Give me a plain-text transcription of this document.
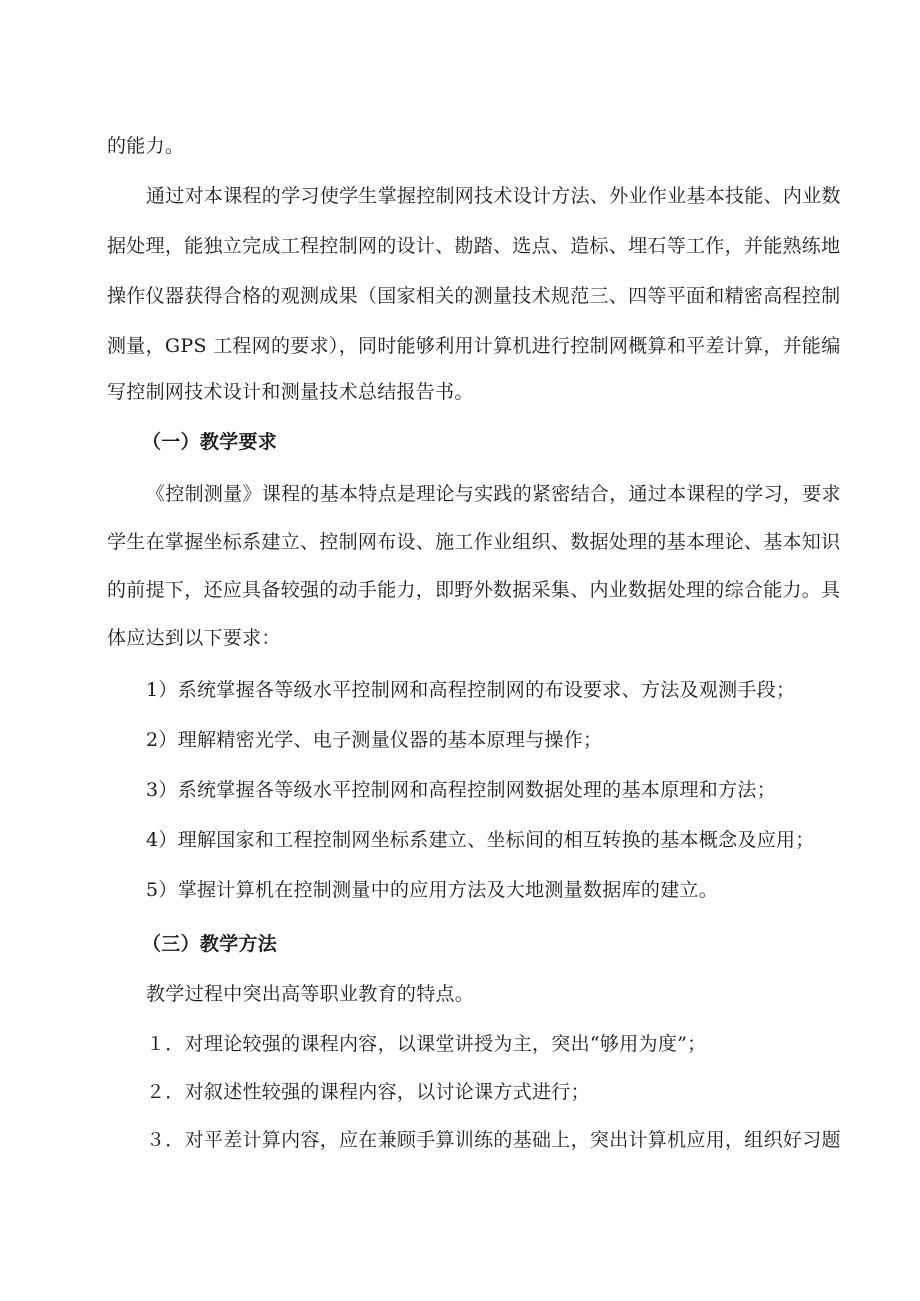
的能力。
通过对本课程的学习使学生掌握控制网技术设计方法、外业作业基本技能、内业数
据处理，能独立完成工程控制网的设计、勘踏、选点、造标、埋石等工作，并能熟练地
操作仪器获得合格的观测成果（国家相关的测量技术规范三、四等平面和精密高程控制
测量，GPS 工程网的要求），同时能够利用计算机进行控制网概算和平差计算，并能编
写控制网技术设计和测量技术总结报告书。
（一）教学要求
《控制测量》课程的基本特点是理论与实践的紧密结合，通过本课程的学习，要求
学生在掌握坐标系建立、控制网布设、施工作业组织、数据处理的基本理论、基本知识
的前提下，还应具备较强的动手能力，即野外数据采集、内业数据处理的综合能力。具
体应达到以下要求：
1）系统掌握各等级水平控制网和高程控制网的布设要求、方法及观测手段；
2）理解精密光学、电子测量仪器的基本原理与操作；
3）系统掌握各等级水平控制网和高程控制网数据处理的基本原理和方法；
4）理解国家和工程控制网坐标系建立、坐标间的相互转换的基本概念及应用；
5）掌握计算机在控制测量中的应用方法及大地测量数据库的建立。
（三）教学方法
教学过程中突出高等职业教育的特点。
１．对理论较强的课程内容，以课堂讲授为主，突出“够用为度”；
２．对叙述性较强的课程内容，以讨论课方式进行；
３．对平差计算内容，应在兼顾手算训练的基础上，突出计算机应用，组织好习题
